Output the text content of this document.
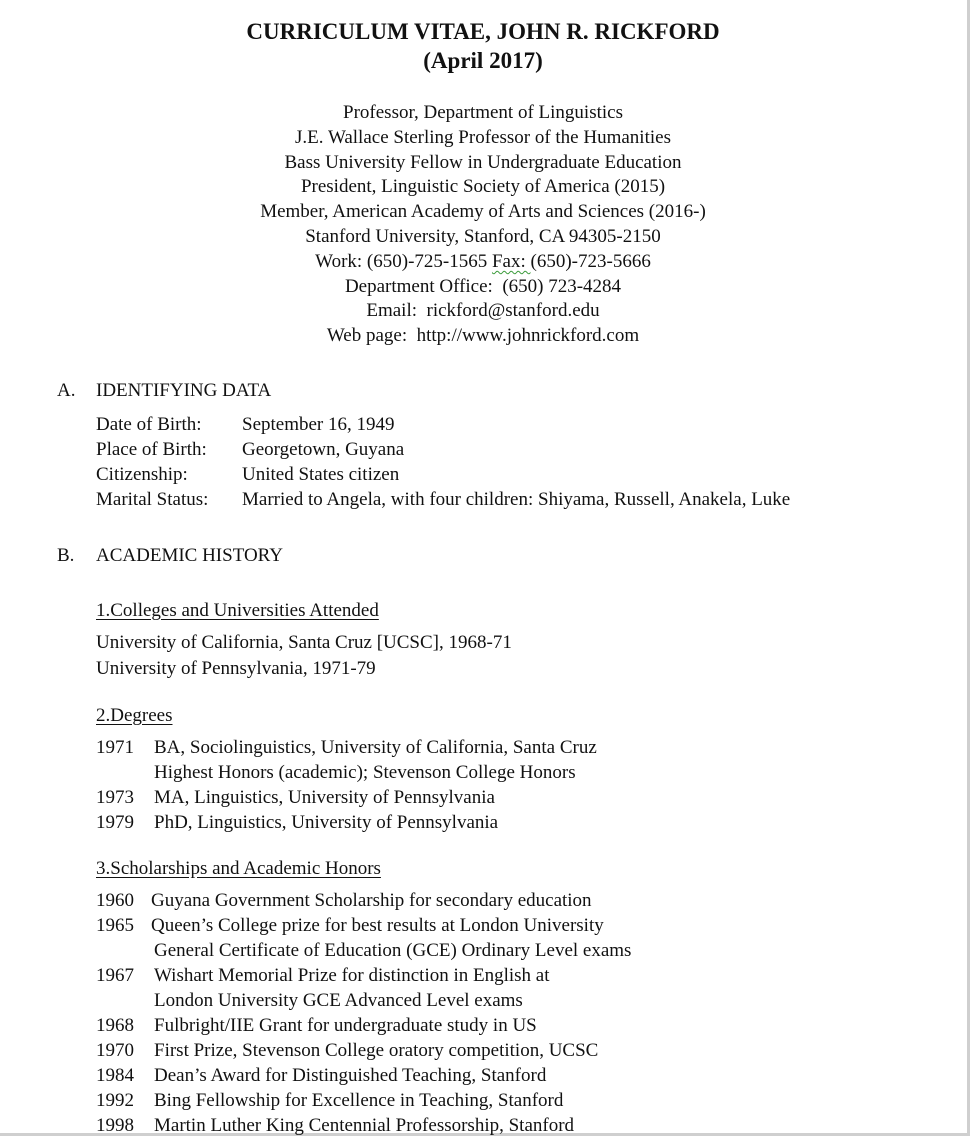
CURRICULUM VITAE, JOHN R. RICKFORD
(April 2017)
Professor, Department of Linguistics
J.E. Wallace Sterling Professor of the Humanities
Bass University Fellow in Undergraduate Education
President, Linguistic Society of America (2015)
Member, American Academy of Arts and Sciences (2016-)
Stanford University, Stanford, CA 94305-2150
Work: (650)-725-1565 Fax: (650)-723-5666
Department Office:  (650) 723-4284
Email:  rickford@stanford.edu
Web page:  http://www.johnrickford.com
A. IDENTIFYING DATA
Date of Birth:	September 16, 1949
Place of Birth:	Georgetown, Guyana
Citizenship:	United States citizen
Marital Status:	Married to Angela, with four children: Shiyama, Russell, Anakela, Luke
B. ACADEMIC HISTORY
1.Colleges and Universities Attended
University of California, Santa Cruz [UCSC], 1968-71
University of Pennsylvania, 1971-79
2.Degrees
1971	BA, Sociolinguistics, University of California, Santa Cruz
Highest Honors (academic); Stevenson College Honors
1973	MA, Linguistics, University of Pennsylvania
1979	PhD, Linguistics, University of Pennsylvania
3.Scholarships and Academic Honors
1960 Guyana Government Scholarship for secondary education
1965 Queen’s College prize for best results at London University
General Certificate of Education (GCE) Ordinary Level exams
1967	Wishart Memorial Prize for distinction in English at
London University GCE Advanced Level exams
1968	Fulbright/IIE Grant for undergraduate study in US
1970	First Prize, Stevenson College oratory competition, UCSC
1984	Dean’s Award for Distinguished Teaching, Stanford
1992	Bing Fellowship for Excellence in Teaching, Stanford
1998	Martin Luther King Centennial Professorship, Stanford
